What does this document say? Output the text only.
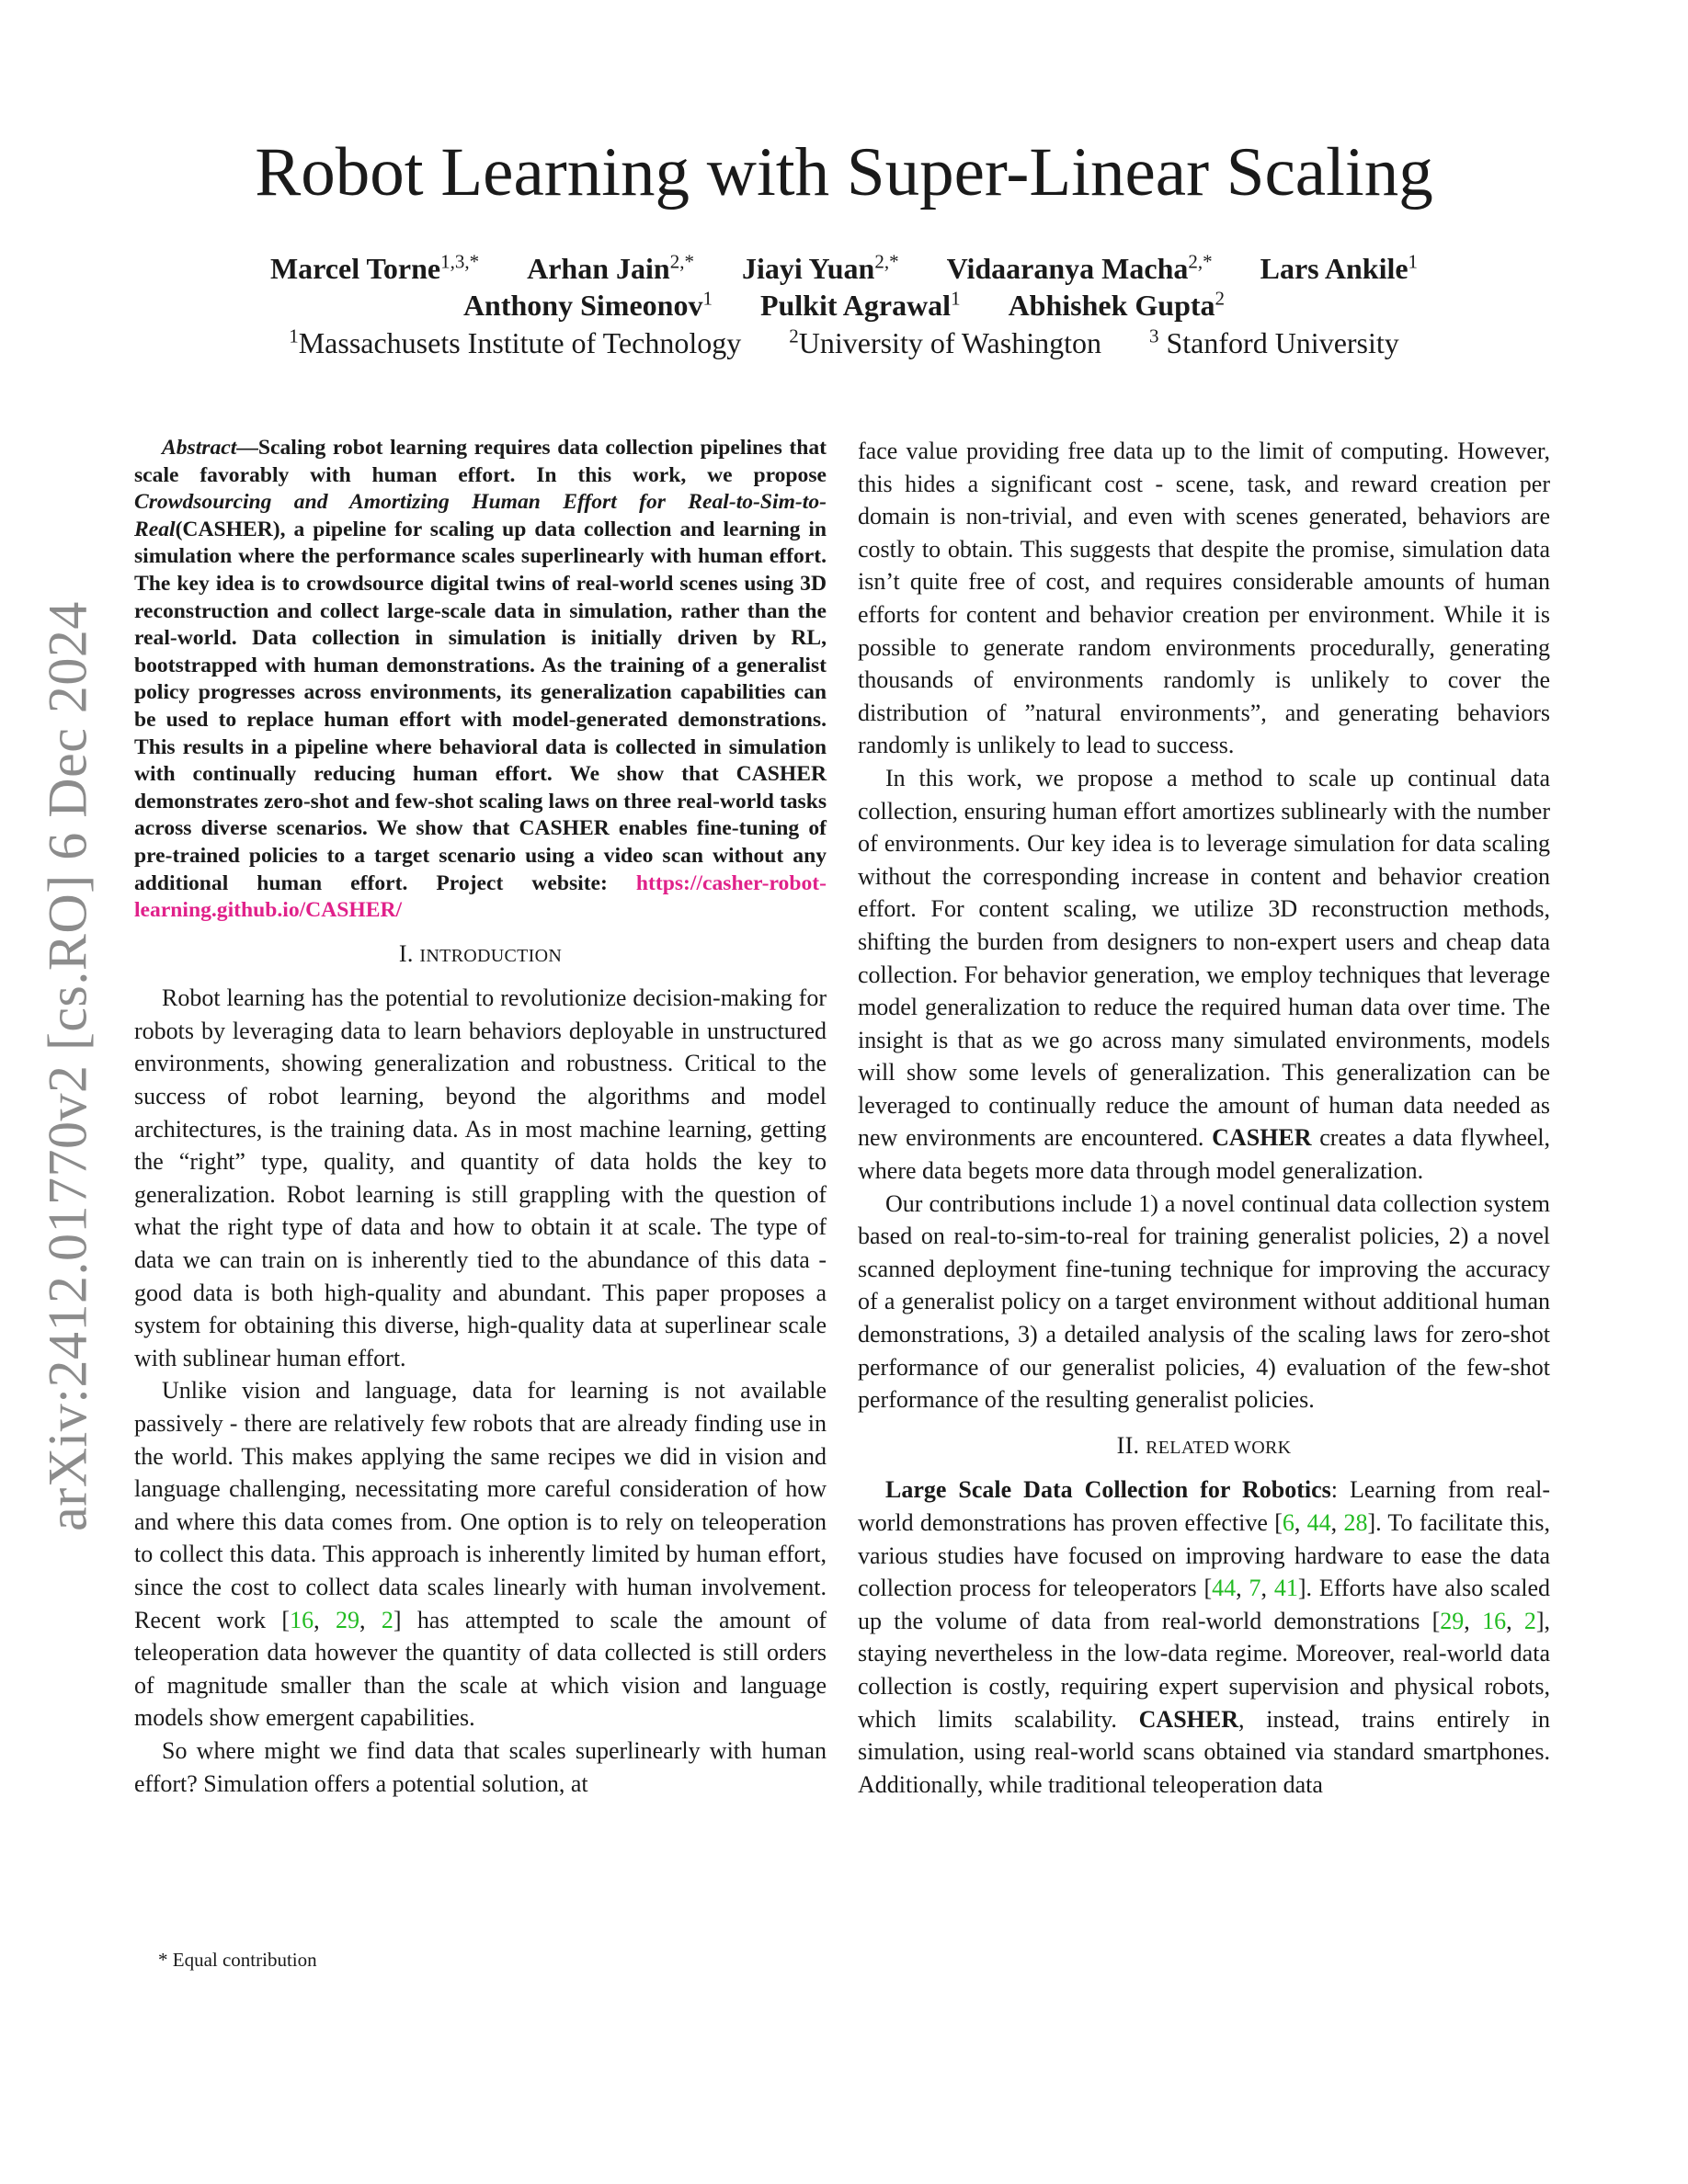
arXiv:2412.01770v2 [cs.RO] 6 Dec 2024
Robot Learning with Super-Linear Scaling
Marcel Torne$^{1,3,*}$ Arhan Jain$^{2,*}$ Jiayi Yuan$^{2,*}$ Vidaaranya Macha$^{2,*}$ Lars Ankile$^1$
Anthony Simeonov$^1$ Pulkit Agrawal$^1$ Abhishek Gupta$^2$
$^1$Massachusets Institute of Technology $^2$University of Washington $^3$ Stanford University

Abstract—Scaling robot learning requires data collection pipelines that scale favorably with human effort. In this work, we propose Crowdsourcing and Amortizing Human Effort for Real-to-Sim-to-Real(CASHER), a pipeline for scaling up data collection and learning in simulation where the performance scales superlinearly with human effort. The key idea is to crowdsource digital twins of real-world scenes using 3D reconstruction and collect large-scale data in simulation, rather than the real-world. Data collection in simulation is initially driven by RL, bootstrapped with human demonstrations. As the training of a generalist policy progresses across environments, its generalization capabilities can be used to replace human effort with model-generated demonstrations. This results in a pipeline where behavioral data is collected in simulation with continually reducing human effort. We show that CASHER demonstrates zero-shot and few-shot scaling laws on three real-world tasks across diverse scenarios. We show that CASHER enables fine-tuning of pre-trained policies to a target scenario using a video scan without any additional human effort. Project website: https://casher-robot-learning.github.io/CASHER/

I. INTRODUCTION

Robot learning has the potential to revolutionize decision-making for robots by leveraging data to learn behaviors deployable in unstructured environments, showing generalization and robustness. Critical to the success of robot learning, beyond the algorithms and model architectures, is the training data. As in most machine learning, getting the “right” type, quality, and quantity of data holds the key to generalization. Robot learning is still grappling with the question of what the right type of data and how to obtain it at scale. The type of data we can train on is inherently tied to the abundance of this data - good data is both high-quality and abundant. This paper proposes a system for obtaining this diverse, high-quality data at superlinear scale with sublinear human effort.

Unlike vision and language, data for learning is not available passively - there are relatively few robots that are already finding use in the world. This makes applying the same recipes we did in vision and language challenging, necessitating more careful consideration of how and where this data comes from. One option is to rely on teleoperation to collect this data. This approach is inherently limited by human effort, since the cost to collect data scales linearly with human involvement. Recent work [16, 29, 2] has attempted to scale the amount of teleoperation data however the quantity of data collected is still orders of magnitude smaller than the scale at which vision and language models show emergent capabilities.

So where might we find data that scales superlinearly with human effort? Simulation offers a potential solution, at

* Equal contribution

face value providing free data up to the limit of computing. However, this hides a significant cost - scene, task, and reward creation per domain is non-trivial, and even with scenes generated, behaviors are costly to obtain. This suggests that despite the promise, simulation data isn’t quite free of cost, and requires considerable amounts of human efforts for content and behavior creation per environment. While it is possible to generate random environments procedurally, generating thousands of environments randomly is unlikely to cover the distribution of ”natural environments”, and generating behaviors randomly is unlikely to lead to success.

In this work, we propose a method to scale up continual data collection, ensuring human effort amortizes sublinearly with the number of environments. Our key idea is to leverage simulation for data scaling without the corresponding increase in content and behavior creation effort. For content scaling, we utilize 3D reconstruction methods, shifting the burden from designers to non-expert users and cheap data collection. For behavior generation, we employ techniques that leverage model generalization to reduce the required human data over time. The insight is that as we go across many simulated environments, models will show some levels of generalization. This generalization can be leveraged to continually reduce the amount of human data needed as new environments are encountered. CASHER creates a data flywheel, where data begets more data through model generalization.

Our contributions include 1) a novel continual data collection system based on real-to-sim-to-real for training generalist policies, 2) a novel scanned deployment fine-tuning technique for improving the accuracy of a generalist policy on a target environment without additional human demonstrations, 3) a detailed analysis of the scaling laws for zero-shot performance of our generalist policies, 4) evaluation of the few-shot performance of the resulting generalist policies.

II. RELATED WORK

Large Scale Data Collection for Robotics: Learning from real-world demonstrations has proven effective [6, 44, 28]. To facilitate this, various studies have focused on improving hardware to ease the data collection process for teleoperators [44, 7, 41]. Efforts have also scaled up the volume of data from real-world demonstrations [29, 16, 2], staying nevertheless in the low-data regime. Moreover, real-world data collection is costly, requiring expert supervision and physical robots, which limits scalability. CASHER, instead, trains entirely in simulation, using real-world scans obtained via standard smartphones. Additionally, while traditional teleoperation data
